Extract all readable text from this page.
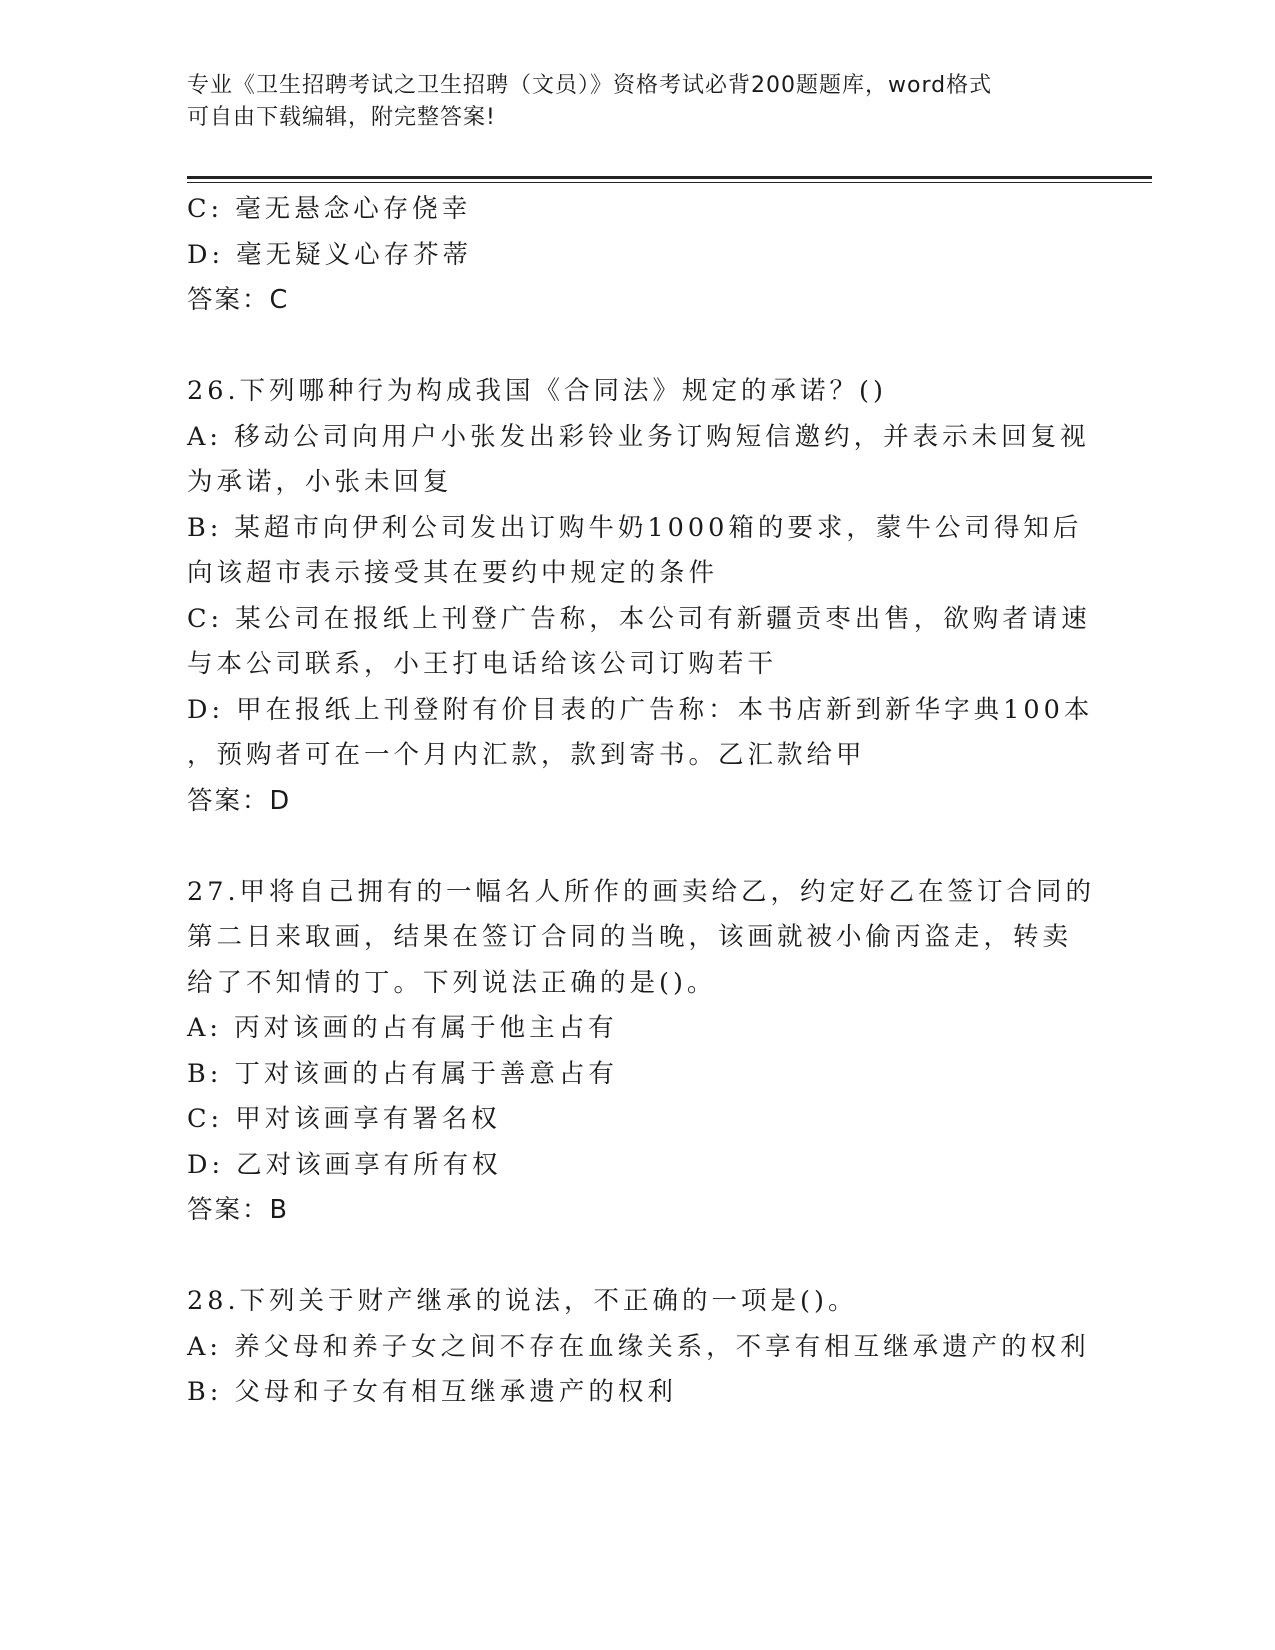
专业《卫生招聘考试之卫生招聘（文员）》资格考试必背200题题库，word格式
可自由下载编辑，附完整答案!
C: 毫无悬念心存侥幸
D: 毫无疑义心存芥蒂
答案：C
26.下列哪种行为构成我国《合同法》规定的承诺？()
A: 移动公司向用户小张发出彩铃业务订购短信邀约，并表示未回复视
为承诺，小张未回复
B: 某超市向伊利公司发出订购牛奶1000箱的要求，蒙牛公司得知后
向该超市表示接受其在要约中规定的条件
C: 某公司在报纸上刊登广告称，本公司有新疆贡枣出售，欲购者请速
与本公司联系，小王打电话给该公司订购若干
D: 甲在报纸上刊登附有价目表的广告称：本书店新到新华字典100本
，预购者可在一个月内汇款，款到寄书。乙汇款给甲
答案：D
27.甲将自己拥有的一幅名人所作的画卖给乙，约定好乙在签订合同的
第二日来取画，结果在签订合同的当晚，该画就被小偷丙盗走，转卖
给了不知情的丁。下列说法正确的是()。
A: 丙对该画的占有属于他主占有
B: 丁对该画的占有属于善意占有
C: 甲对该画享有署名权
D: 乙对该画享有所有权
答案：B
28.下列关于财产继承的说法，不正确的一项是()。
A: 养父母和养子女之间不存在血缘关系，不享有相互继承遗产的权利
B: 父母和子女有相互继承遗产的权利
